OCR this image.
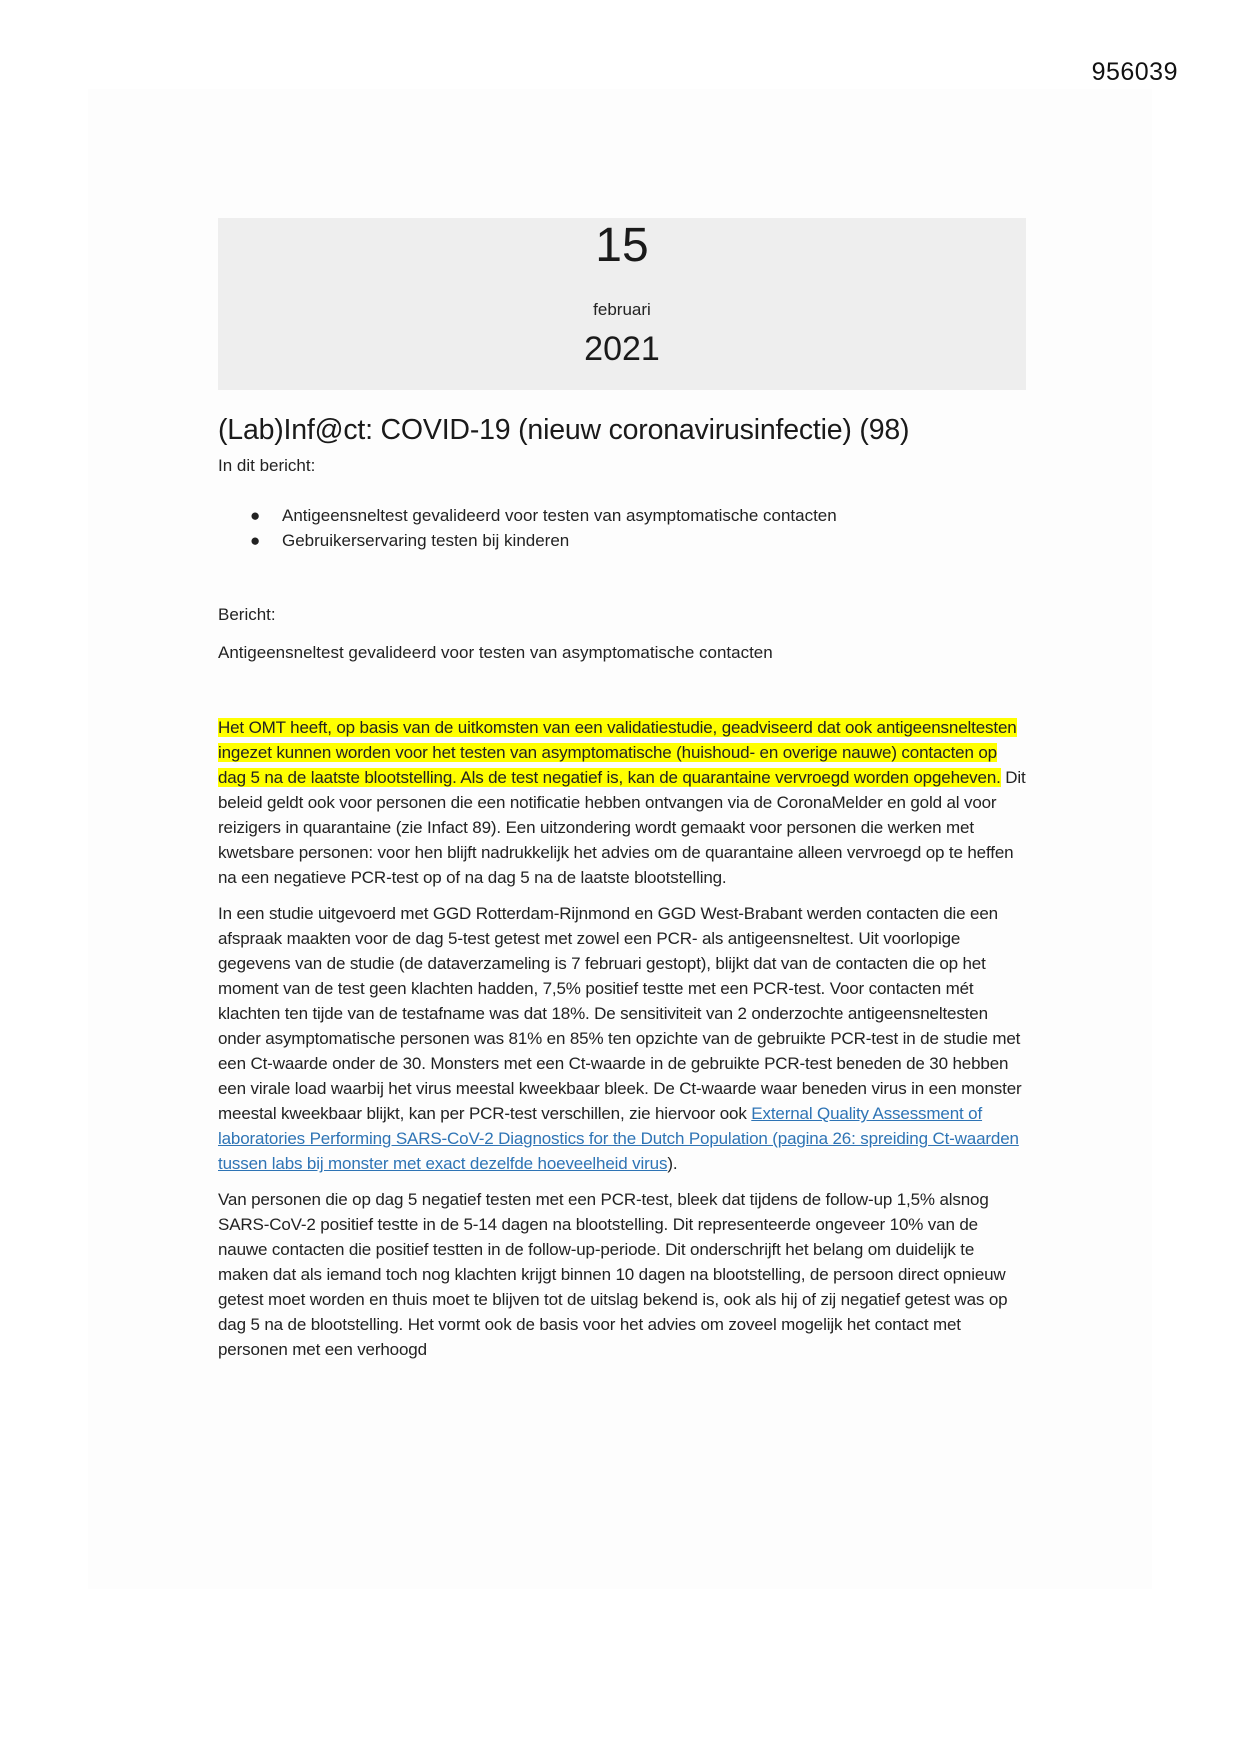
956039
15
februari
2021
(Lab)Inf@ct: COVID-19 (nieuw coronavirusinfectie) (98)
In dit bericht:
● Antigeensneltest gevalideerd voor testen van asymptomatische contacten
● Gebruikerservaring testen bij kinderen
Bericht:
Antigeensneltest gevalideerd voor testen van asymptomatische contacten

Het OMT heeft, op basis van de uitkomsten van een validatiestudie, geadviseerd dat ook antigeensneltesten ingezet kunnen worden voor het testen van asymptomatische (huishoud- en overige nauwe) contacten op dag 5 na de laatste blootstelling. Als de test negatief is, kan de quarantaine vervroegd worden opgeheven. Dit beleid geldt ook voor personen die een notificatie hebben ontvangen via de CoronaMelder en gold al voor reizigers in quarantaine (zie Infact 89). Een uitzondering wordt gemaakt voor personen die werken met kwetsbare personen: voor hen blijft nadrukkelijk het advies om de quarantaine alleen vervroegd op te heffen na een negatieve PCR-test op of na dag 5 na de laatste blootstelling.

In een studie uitgevoerd met GGD Rotterdam-Rijnmond en GGD West-Brabant werden contacten die een afspraak maakten voor de dag 5-test getest met zowel een PCR- als antigeensneltest. Uit voorlopige gegevens van de studie (de dataverzameling is 7 februari gestopt), blijkt dat van de contacten die op het moment van de test geen klachten hadden, 7,5% positief testte met een PCR-test. Voor contacten mét klachten ten tijde van de testafname was dat 18%. De sensitiviteit van 2 onderzochte antigeensneltesten onder asymptomatische personen was 81% en 85% ten opzichte van de gebruikte PCR-test in de studie met een Ct-waarde onder de 30. Monsters met een Ct-waarde in de gebruikte PCR-test beneden de 30 hebben een virale load waarbij het virus meestal kweekbaar bleek. De Ct-waarde waar beneden virus in een monster meestal kweekbaar blijkt, kan per PCR-test verschillen, zie hiervoor ook External Quality Assessment of laboratories Performing SARS-CoV-2 Diagnostics for the Dutch Population (pagina 26: spreiding Ct-waarden tussen labs bij monster met exact dezelfde hoeveelheid virus).

Van personen die op dag 5 negatief testen met een PCR-test, bleek dat tijdens de follow-up 1,5% alsnog SARS-CoV-2 positief testte in de 5-14 dagen na blootstelling. Dit representeerde ongeveer 10% van de nauwe contacten die positief testten in de follow-up-periode. Dit onderschrijft het belang om duidelijk te maken dat als iemand toch nog klachten krijgt binnen 10 dagen na blootstelling, de persoon direct opnieuw getest moet worden en thuis moet te blijven tot de uitslag bekend is, ook als hij of zij negatief getest was op dag 5 na de blootstelling. Het vormt ook de basis voor het advies om zoveel mogelijk het contact met personen met een verhoogd
